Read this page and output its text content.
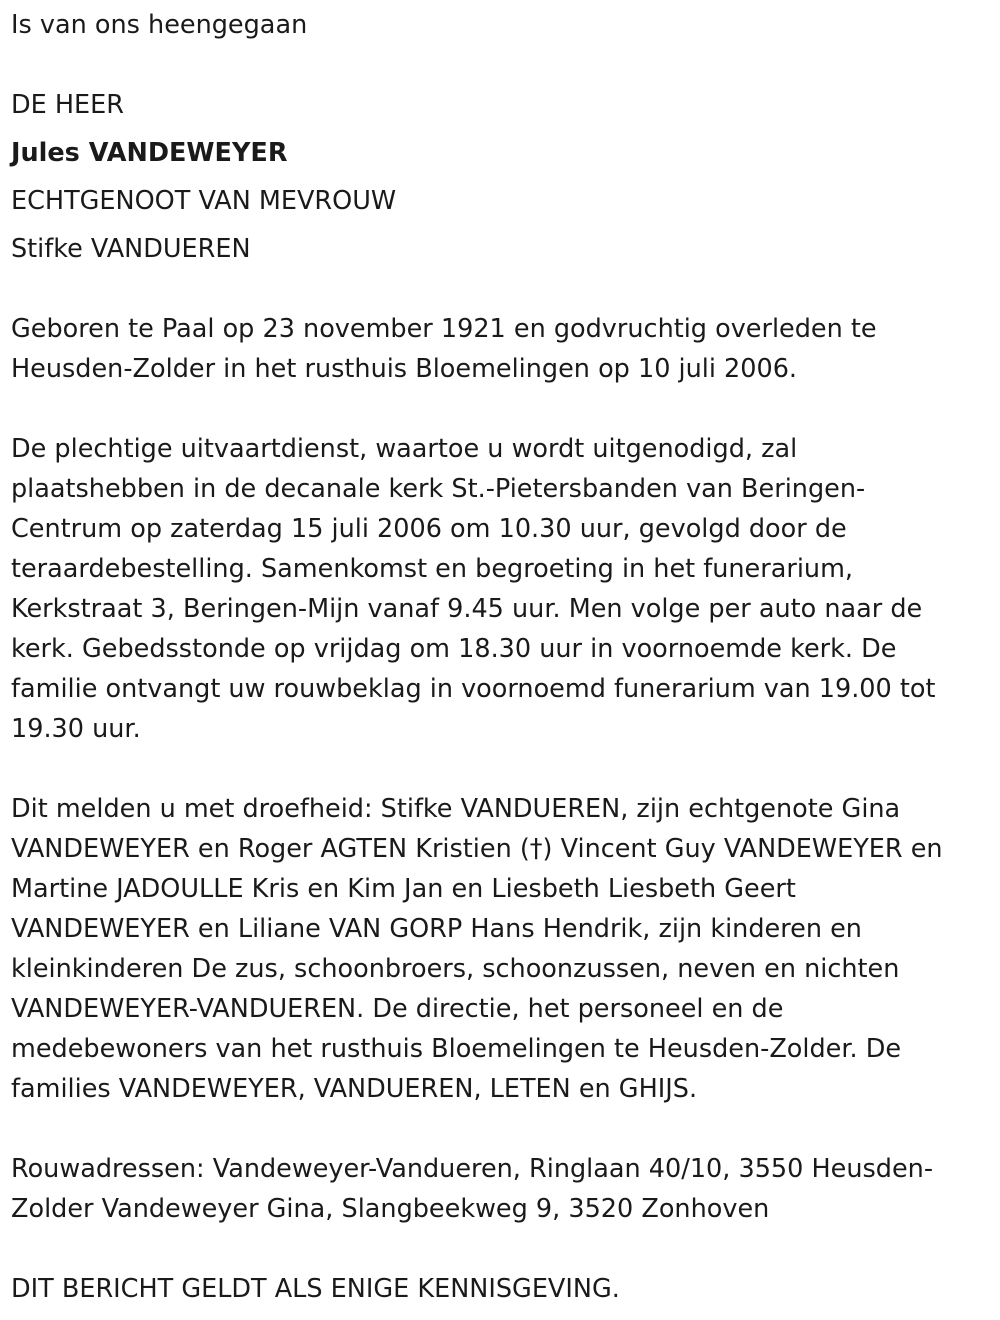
Is van ons heengegaan
DE HEER
Jules VANDEWEYER
ECHTGENOOT VAN MEVROUW
Stifke VANDUEREN
Geboren te Paal op 23 november 1921 en godvruchtig overleden te
Heusden-Zolder in het rusthuis Bloemelingen op 10 juli 2006.
De plechtige uitvaartdienst, waartoe u wordt uitgenodigd, zal
plaatshebben in de decanale kerk St.-Pietersbanden van Beringen-
Centrum op zaterdag 15 juli 2006 om 10.30 uur, gevolgd door de
teraardebestelling. Samenkomst en begroeting in het funerarium,
Kerkstraat 3, Beringen-Mijn vanaf 9.45 uur. Men volge per auto naar de
kerk. Gebedsstonde op vrijdag om 18.30 uur in voornoemde kerk. De
familie ontvangt uw rouwbeklag in voornoemd funerarium van 19.00 tot
19.30 uur.
Dit melden u met droefheid: Stifke VANDUEREN, zijn echtgenote Gina
VANDEWEYER en Roger AGTEN Kristien (†) Vincent Guy VANDEWEYER en
Martine JADOULLE Kris en Kim Jan en Liesbeth Liesbeth Geert
VANDEWEYER en Liliane VAN GORP Hans Hendrik, zijn kinderen en
kleinkinderen De zus, schoonbroers, schoonzussen, neven en nichten
VANDEWEYER-VANDUEREN. De directie, het personeel en de
medebewoners van het rusthuis Bloemelingen te Heusden-Zolder. De
families VANDEWEYER, VANDUEREN, LETEN en GHIJS.
Rouwadressen: Vandeweyer-Vandueren, Ringlaan 40/10, 3550 Heusden-
Zolder Vandeweyer Gina, Slangbeekweg 9, 3520 Zonhoven
DIT BERICHT GELDT ALS ENIGE KENNISGEVING.
